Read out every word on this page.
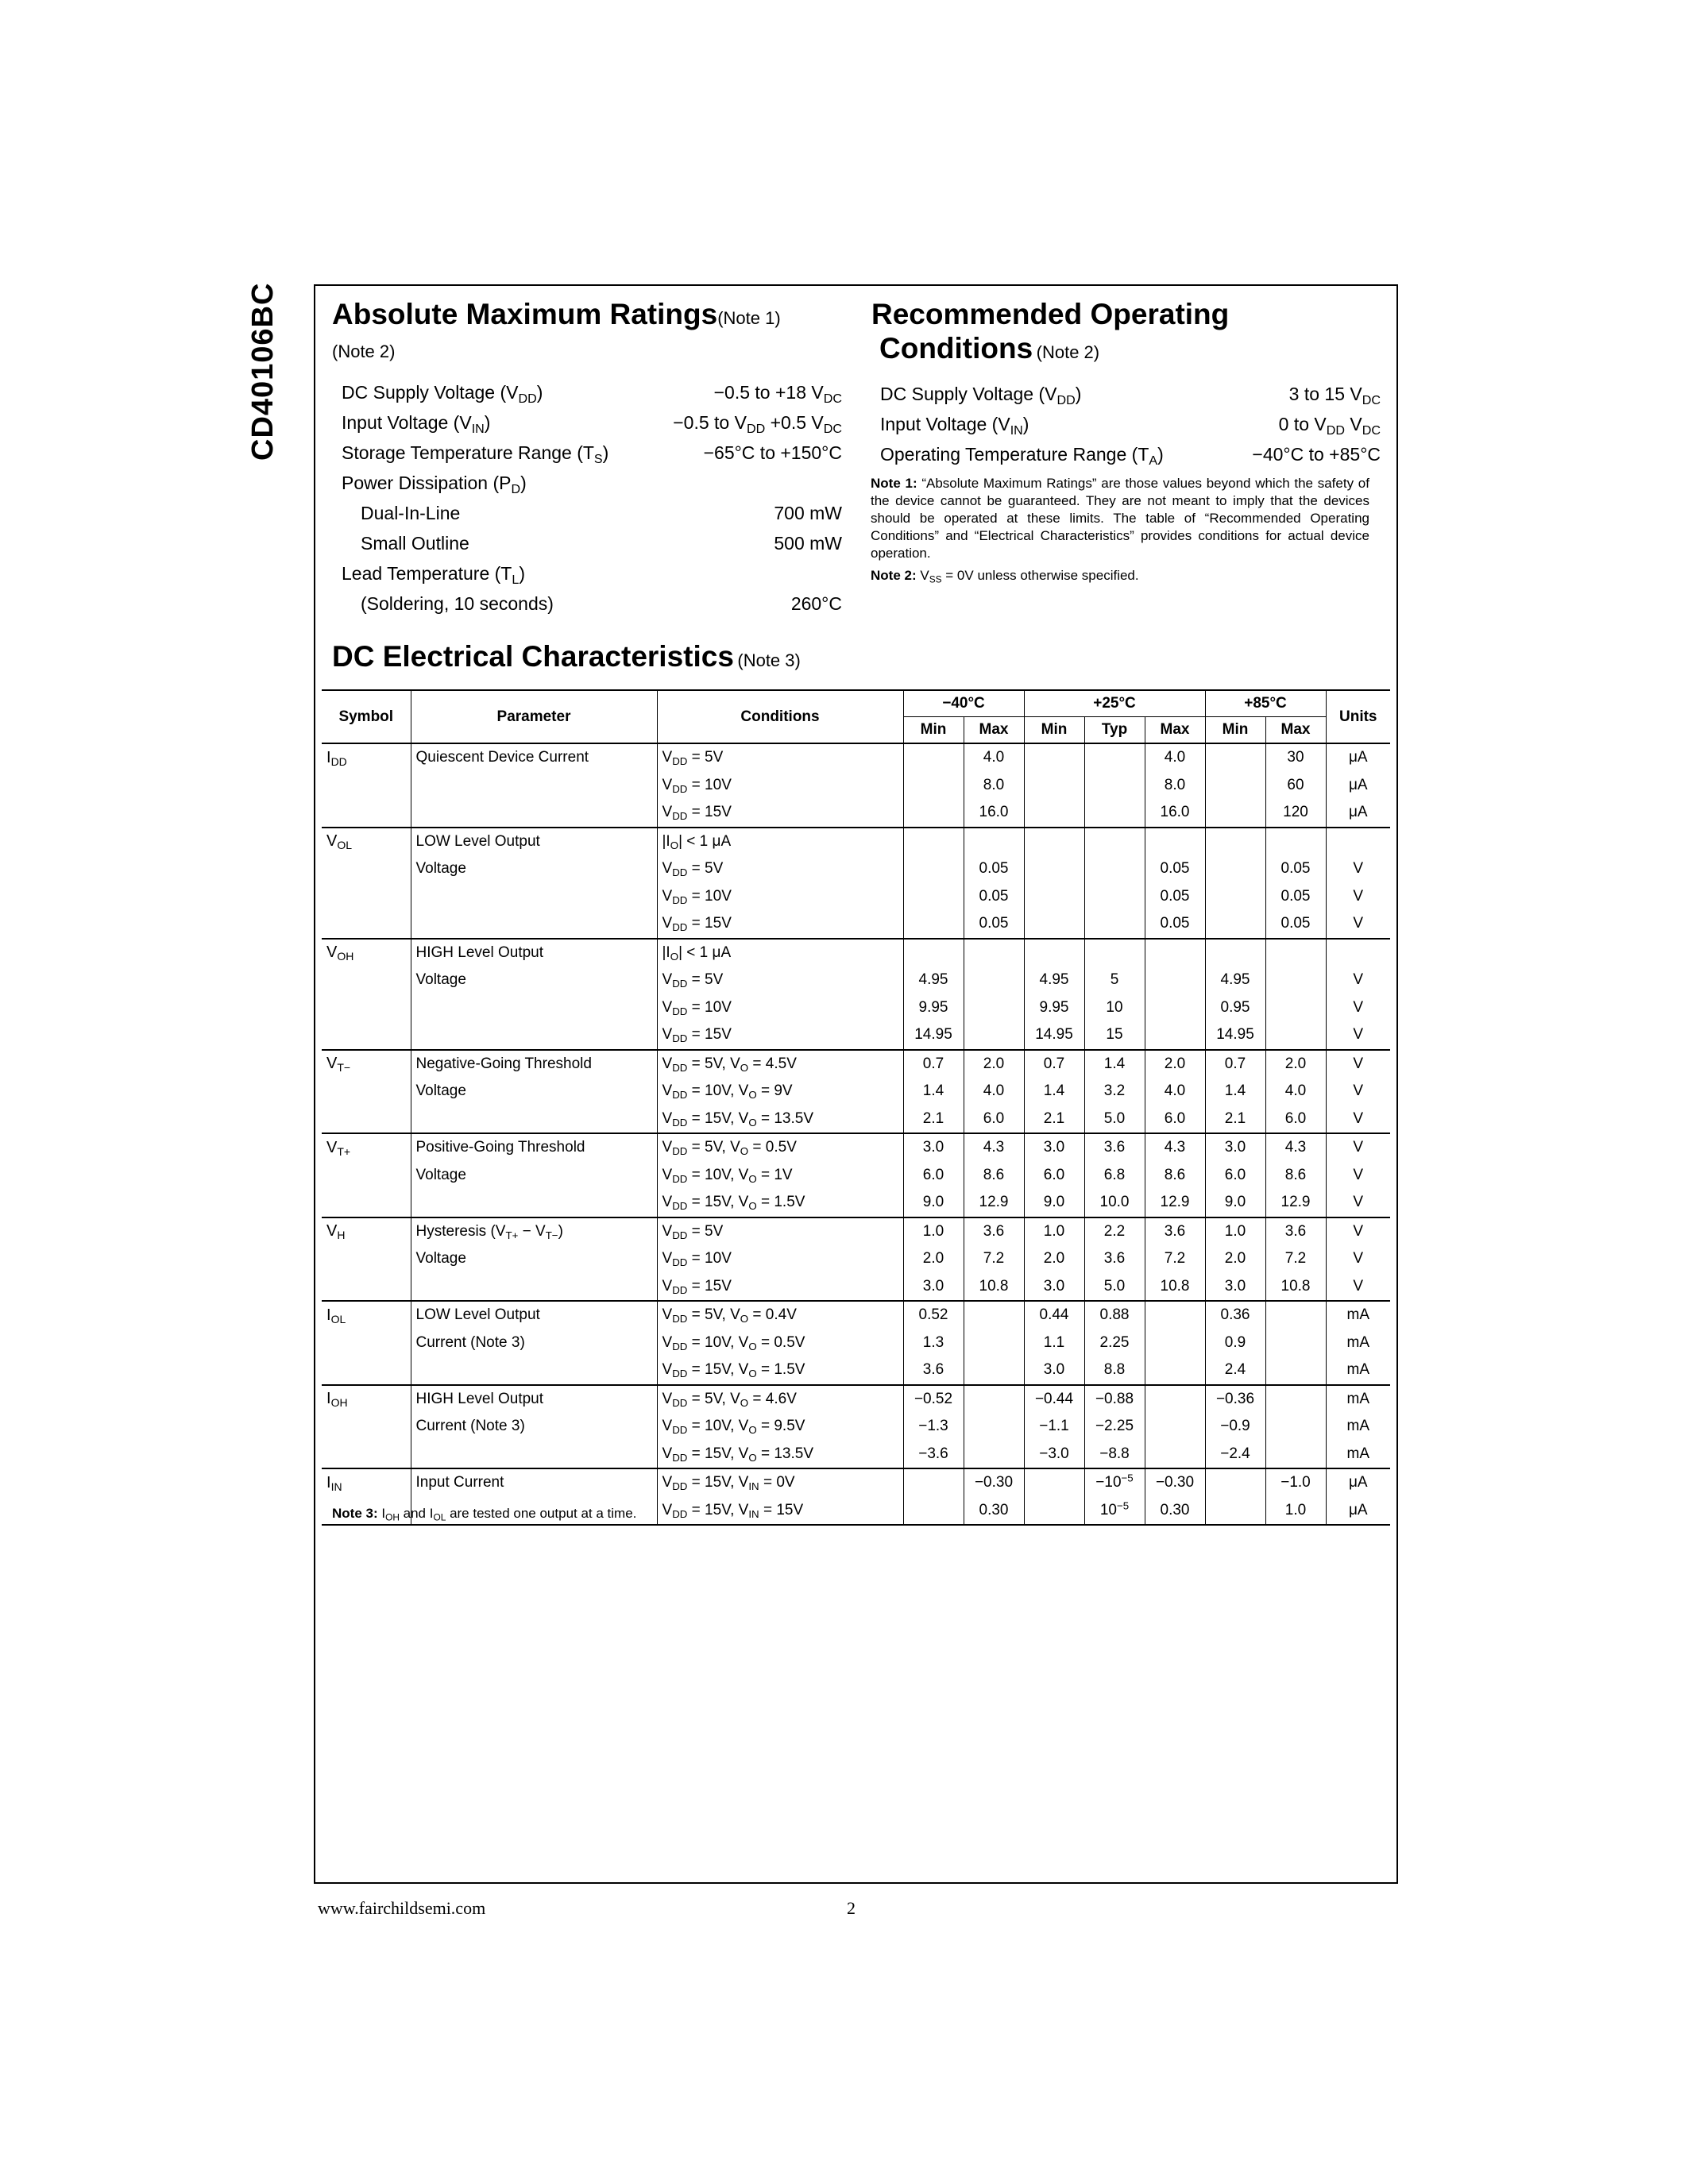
CD40106BC	Absolute Maximum Ratings(Note 1)
(Note 2)
DC Supply Voltage $(V_{DD})$	−0.5 to +18 $V_{DC}$
Input Voltage $(V_{IN})$	−0.5 to $V_{DD} +0.5$ $V_{DC}$
Storage Temperature Range $(T_S)$	−65°C to +150°C
Power Dissipation $(P_D)$
Dual-In-Line	700 mW
Small Outline	500 mW
Lead Temperature $(T_L)$
(Soldering, 10 seconds)	260°C
Recommended Operating
Conditions (Note 2)
DC Supply Voltage $(V_{DD})$	3 to 15 $V_{DC}$
Input Voltage $(V_{IN})$	0 to $V_{DD}$ $V_{DC}$
Operating Temperature Range $(T_A)$	−40°C to +85°C
Note 1: “Absolute Maximum Ratings” are those values beyond which the safety of the device cannot be guaranteed. They are not meant to imply that the devices should be operated at these limits. The table of “Recommended Operating Conditions” and “Electrical Characteristics” provides conditions for actual device operation.
Note 2: $V_{SS} = 0V$ unless otherwise specified.
DC Electrical Characteristics (Note 3)
Symbol	Parameter	Conditions	−40°C		+25°C			+85°C		Units
			Min	Max	Min	Typ	Max	Min	Max	
$I_{DD}$	Quiescent Device Current	$V_{DD} = 5V$		4.0			4.0		30	μA
		$V_{DD} = 10V$		8.0			8.0		60	μA
		$V_{DD} = 15V$		16.0			16.0		120	μA
$V_{OL}$	LOW Level Output	$|I_O| < 1$ μA								
	Voltage	$V_{DD} = 5V$		0.05			0.05		0.05	V
		$V_{DD} = 10V$		0.05			0.05		0.05	V
		$V_{DD} = 15V$		0.05			0.05		0.05	V
$V_{OH}$	HIGH Level Output	$|I_O| < 1$ μA								
	Voltage	$V_{DD} = 5V$	4.95		4.95	5		4.95		V
		$V_{DD} = 10V$	9.95		9.95	10		0.95		V
		$V_{DD} = 15V$	14.95		14.95	15		14.95		V
$V_{T-}$	Negative-Going Threshold	$V_{DD} = 5V$, $V_O = 4.5V$	0.7	2.0	0.7	1.4	2.0	0.7	2.0	V
	Voltage	$V_{DD} = 10V$, $V_O = 9V$	1.4	4.0	1.4	3.2	4.0	1.4	4.0	V
		$V_{DD} = 15V$, $V_O = 13.5V$	2.1	6.0	2.1	5.0	6.0	2.1	6.0	V
$V_{T+}$	Positive-Going Threshold	$V_{DD} = 5V$, $V_O = 0.5V$	3.0	4.3	3.0	3.6	4.3	3.0	4.3	V
	Voltage	$V_{DD} = 10V$, $V_O = 1V$	6.0	8.6	6.0	6.8	8.6	6.0	8.6	V
		$V_{DD} = 15V$, $V_O = 1.5V$	9.0	12.9	9.0	10.0	12.9	9.0	12.9	V
$V_H$	Hysteresis $(V_{T+} - V_{T-})$	$V_{DD} = 5V$	1.0	3.6	1.0	2.2	3.6	1.0	3.6	V
	Voltage	$V_{DD} = 10V$	2.0	7.2	2.0	3.6	7.2	2.0	7.2	V
		$V_{DD} = 15V$	3.0	10.8	3.0	5.0	10.8	3.0	10.8	V
$I_{OL}$	LOW Level Output	$V_{DD} = 5V$, $V_O = 0.4V$	0.52		0.44	0.88		0.36		mA
	Current (Note 3)	$V_{DD} = 10V$, $V_O = 0.5V$	1.3		1.1	2.25		0.9		mA
		$V_{DD} = 15V$, $V_O = 1.5V$	3.6		3.0	8.8		2.4		mA
$I_{OH}$	HIGH Level Output	$V_{DD} = 5V$, $V_O = 4.6V$	−0.52		−0.44	−0.88		−0.36		mA
	Current (Note 3)	$V_{DD} = 10V$, $V_O = 9.5V$	−1.3		−1.1	−2.25		−0.9		mA
		$V_{DD} = 15V$, $V_O = 13.5V$	−3.6		−3.0	−8.8		−2.4		mA
$I_{IN}$	Input Current	$V_{DD} = 15V$, $V_{IN} = 0V$		−0.30		$-10^{-5}$	−0.30		−1.0	μA
		$V_{DD} = 15V$, $V_{IN} = 15V$		0.30		$10^{-5}$	0.30		1.0	μA
Note 3: $I_{OH}$ and $I_{OL}$ are tested one output at a time.
www.fairchildsemi.com	2
